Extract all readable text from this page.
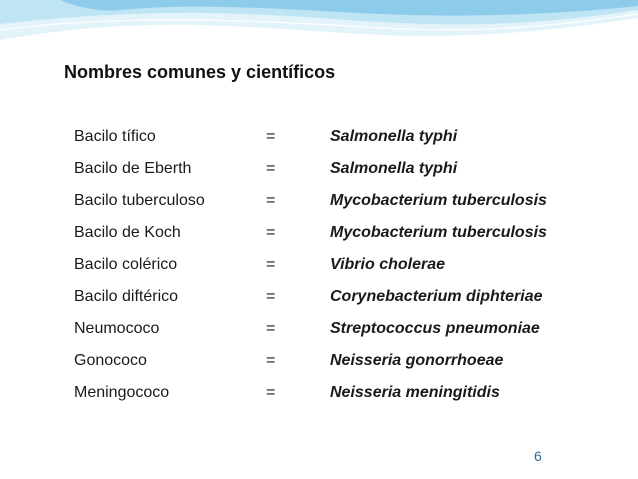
Nombres comunes y científicos
Bacilo tífico	=	Salmonella typhi
Bacilo de Eberth	=	Salmonella typhi
Bacilo tuberculoso	=	Mycobacterium tuberculosis
Bacilo de Koch	=	Mycobacterium tuberculosis
Bacilo colérico	=	Vibrio cholerae
Bacilo diftérico	=	Corynebacterium diphteriae
Neumococo	=	Streptococcus pneumoniae
Gonococo	=	Neisseria gonorrhoeae
Meningococo	=	Neisseria meningitidis
6
